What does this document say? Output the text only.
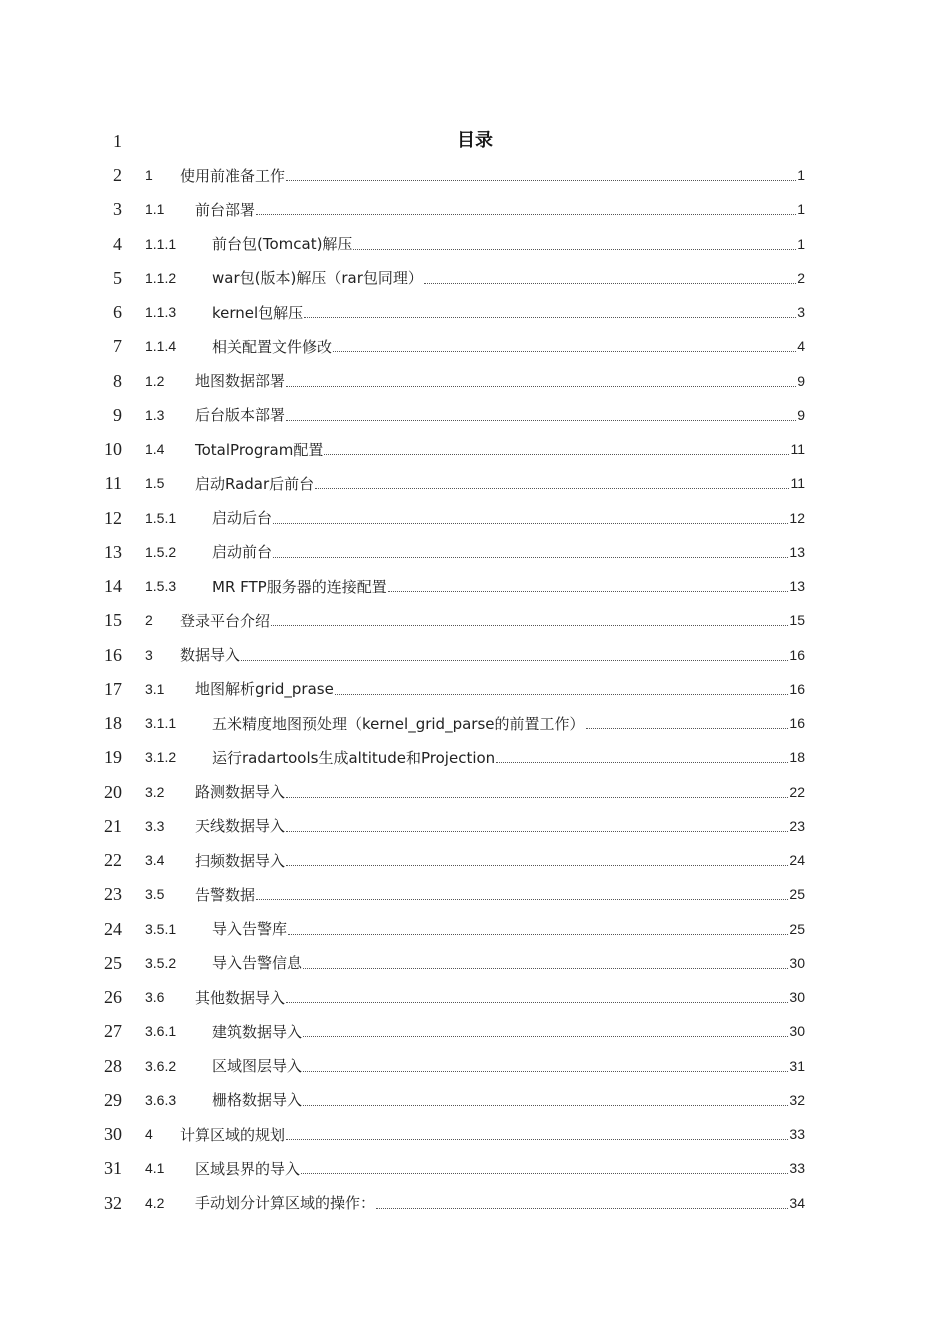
1	目录
2 1	使用前准备工作	1
3 1.1	前台部署	1
4 1.1.1	前台包(Tomcat)解压	1
5 1.1.2	war包(版本)解压（rar包同理）	2
6 1.1.3	kernel包解压	3
7 1.1.4	相关配置文件修改	4
8 1.2	地图数据部署	9
9 1.3	后台版本部署	9
10 1.4	TotalProgram配置	11
11 1.5	启动Radar后前台	11
12 1.5.1	启动后台	12
13 1.5.2	启动前台	13
14 1.5.3	MR FTP服务器的连接配置	13
15 2	登录平台介绍	15
16 3	数据导入	16
17 3.1	地图解析grid_prase	16
18 3.1.1	五米精度地图预处理（kernel_grid_parse的前置工作）	16
19 3.1.2	运行radartools生成altitude和Projection	18
20 3.2	路测数据导入	22
21 3.3	天线数据导入	23
22 3.4	扫频数据导入	24
23 3.5	告警数据	25
24 3.5.1	导入告警库	25
25 3.5.2	导入告警信息	30
26 3.6	其他数据导入	30
27 3.6.1	建筑数据导入	30
28 3.6.2	区域图层导入	31
29 3.6.3	栅格数据导入	32
30 4	计算区域的规划	33
31 4.1	区域县界的导入	33
32 4.2	手动划分计算区域的操作：	34
